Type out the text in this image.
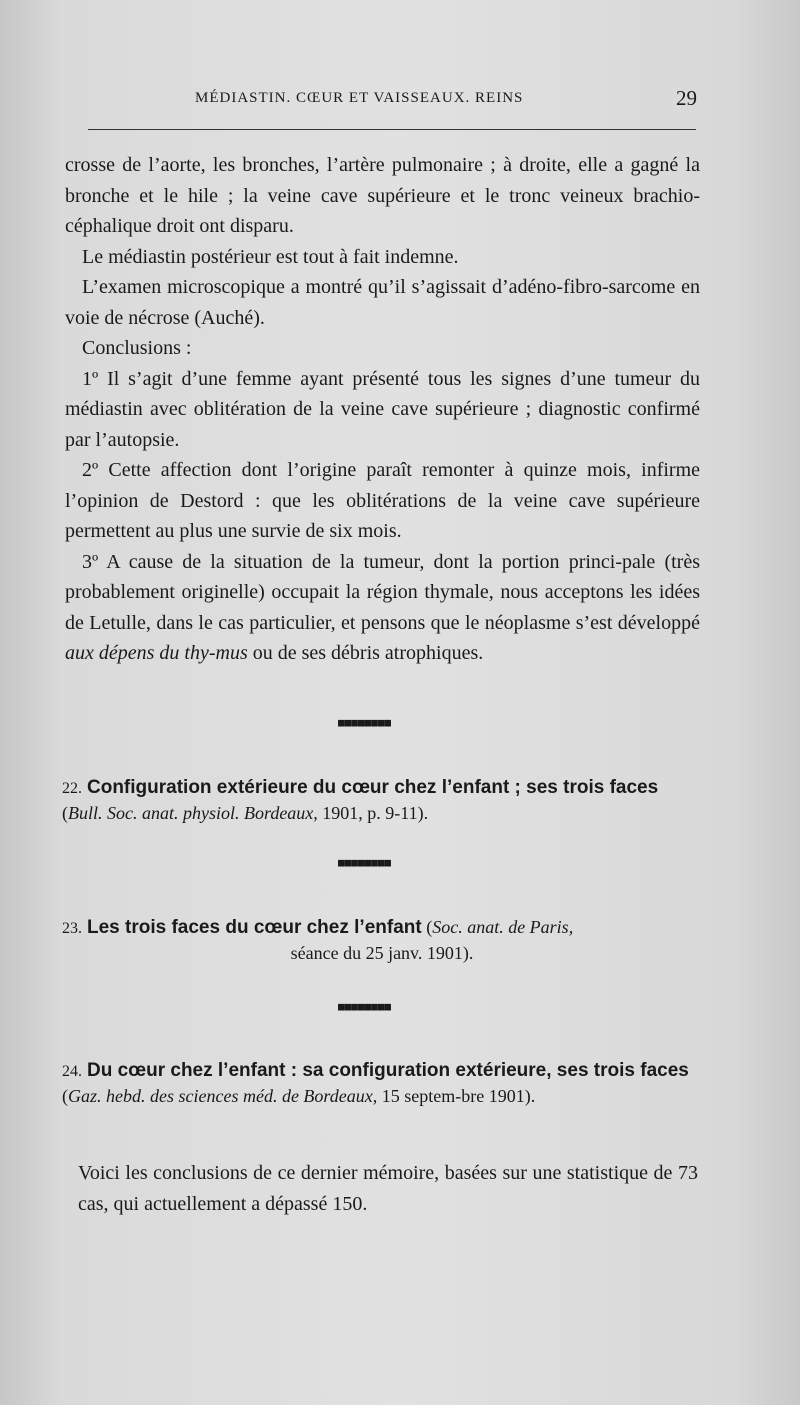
MÉDIASTIN. CŒUR ET VAISSEAUX. REINS	29

crosse de l’aorte, les bronches, l’artère pulmonaire ; à droite, elle a gagné la bronche et le hile ; la veine cave supérieure et le tronc veineux brachio-céphalique droit ont disparu.

Le médiastin postérieur est tout à fait indemne.

L’examen microscopique a montré qu’il s’agissait d’adéno-fibro-sarcome en voie de nécrose (Auché).

Conclusions :

1º Il s’agit d’une femme ayant présenté tous les signes d’une tumeur du médiastin avec oblitération de la veine cave supérieure ; diagnostic confirmé par l’autopsie.

2º Cette affection dont l’origine paraît remonter à quinze mois, infirme l’opinion de Destord : que les oblitérations de la veine cave supérieure permettent au plus une survie de six mois.

3º A cause de la situation de la tumeur, dont la portion princi-pale (très probablement originelle) occupait la région thymale, nous acceptons les idées de Letulle, dans le cas particulier, et pensons que le néoplasme s’est développé aux dépens du thy-mus ou de ses débris atrophiques.

■■■■■■■■
22. Configuration extérieure du cœur chez l’enfant ; ses trois faces (Bull. Soc. anat. physiol. Bordeaux, 1901, p. 9-11).
■■■■■■■■
23. Les trois faces du cœur chez l’enfant (Soc. anat. de Paris,
séance du 25 janv. 1901).
■■■■■■■■
24. Du cœur chez l’enfant : sa configuration extérieure, ses trois faces (Gaz. hebd. des sciences méd. de Bordeaux, 15 septem-bre 1901).

Voici les conclusions de ce dernier mémoire, basées sur une statistique de 73 cas, qui actuellement a dépassé 150.
